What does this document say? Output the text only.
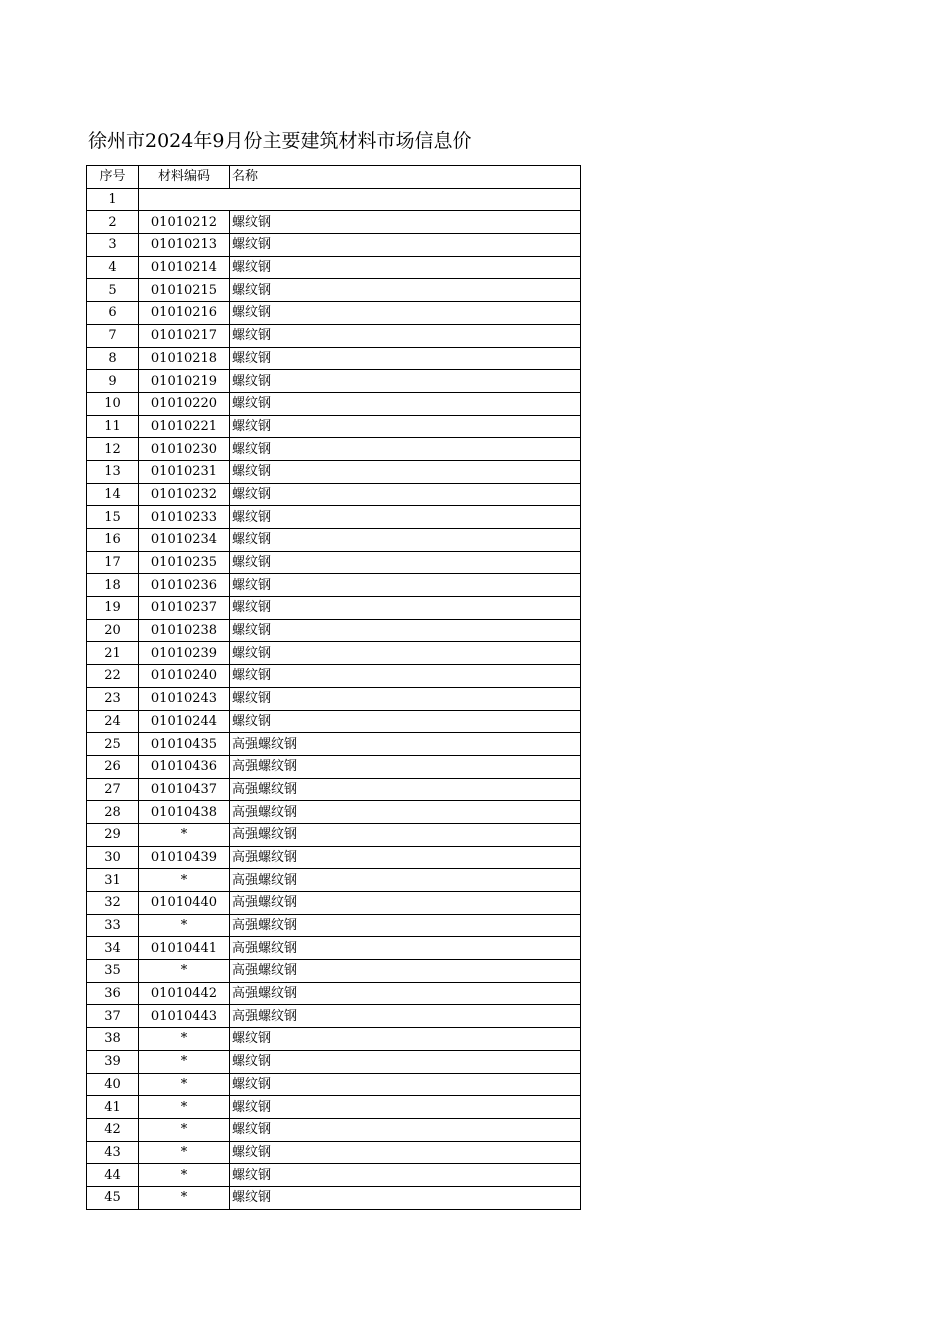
徐州市2024年9月份主要建筑材料市场信息价
序号	材料编码	名称
1		
2	01010212	螺纹钢
3	01010213	螺纹钢
4	01010214	螺纹钢
5	01010215	螺纹钢
6	01010216	螺纹钢
7	01010217	螺纹钢
8	01010218	螺纹钢
9	01010219	螺纹钢
10	01010220	螺纹钢
11	01010221	螺纹钢
12	01010230	螺纹钢
13	01010231	螺纹钢
14	01010232	螺纹钢
15	01010233	螺纹钢
16	01010234	螺纹钢
17	01010235	螺纹钢
18	01010236	螺纹钢
19	01010237	螺纹钢
20	01010238	螺纹钢
21	01010239	螺纹钢
22	01010240	螺纹钢
23	01010243	螺纹钢
24	01010244	螺纹钢
25	01010435	高强螺纹钢
26	01010436	高强螺纹钢
27	01010437	高强螺纹钢
28	01010438	高强螺纹钢
29	*	高强螺纹钢
30	01010439	高强螺纹钢
31	*	高强螺纹钢
32	01010440	高强螺纹钢
33	*	高强螺纹钢
34	01010441	高强螺纹钢
35	*	高强螺纹钢
36	01010442	高强螺纹钢
37	01010443	高强螺纹钢
38	*	螺纹钢
39	*	螺纹钢
40	*	螺纹钢
41	*	螺纹钢
42	*	螺纹钢
43	*	螺纹钢
44	*	螺纹钢
45	*	螺纹钢
